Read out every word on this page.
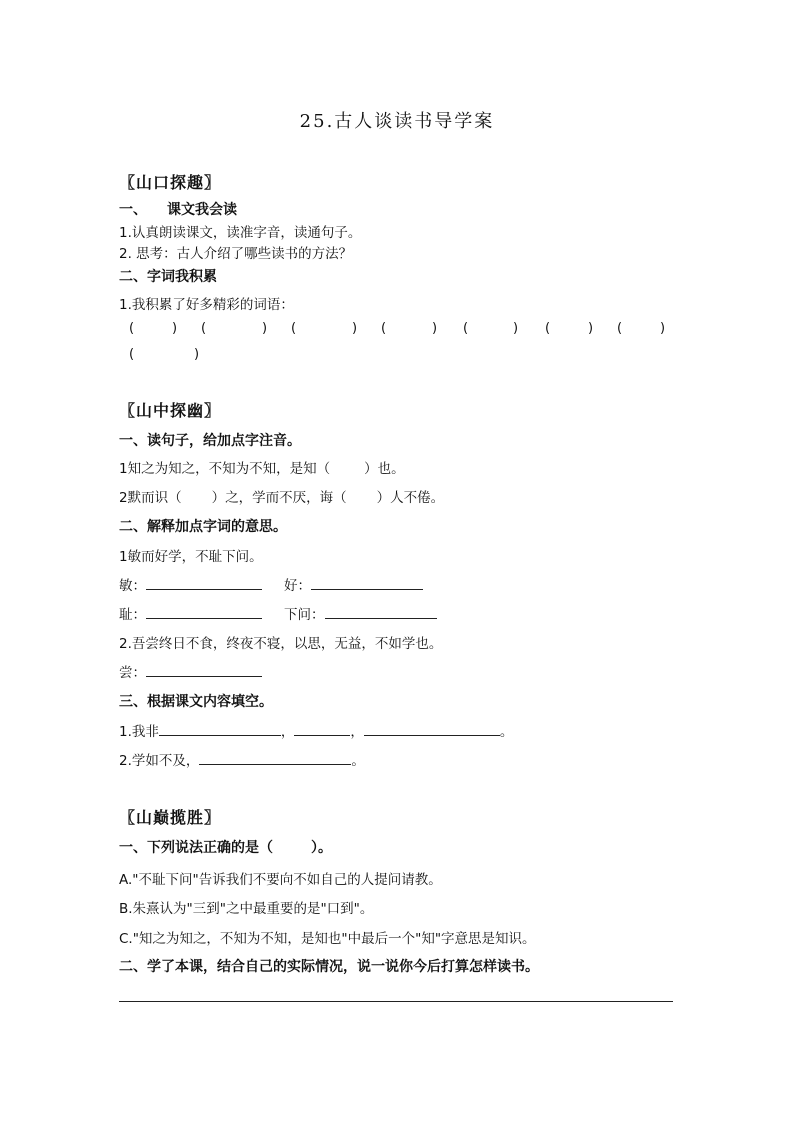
25.古人谈读书导学案
〖山口探趣〗
一、 课文我会读
1.认真朗读课文，读准字音，读通句子。
2. 思考：古人介绍了哪些读书的方法？
二、字词我积累
1.我积累了好多精彩的词语：
(	) (	) (	) (	) (	) (	) (	)
(	)
〖山中探幽〗
一、读句子，给加点字注音。
1知之为知之，不知为不知，是知（	）也。
2默而识（ ）之，学而不厌，诲（ ）人不倦。
二、解释加点字词的意思。
1敏而好学，不耻下问。
敏：	好：
耻：	下问：
2.吾尝终日不食，终夜不寝，以思，无益，不如学也。
尝：
三、根据课文内容填空。
1.我非	，	，	。
2.学如不及，	。
〖山巅揽胜〗
一、下列说法正确的是（	）。
A."不耻下问"告诉我们不要向不如自己的人提问请教。
B.朱熹认为"三到"之中最重要的是"口到"。
C."知之为知之，不知为不知，是知也"中最后一个"知"字意思是知识。
二、学了本课，结合自己的实际情况，说一说你今后打算怎样读书。
